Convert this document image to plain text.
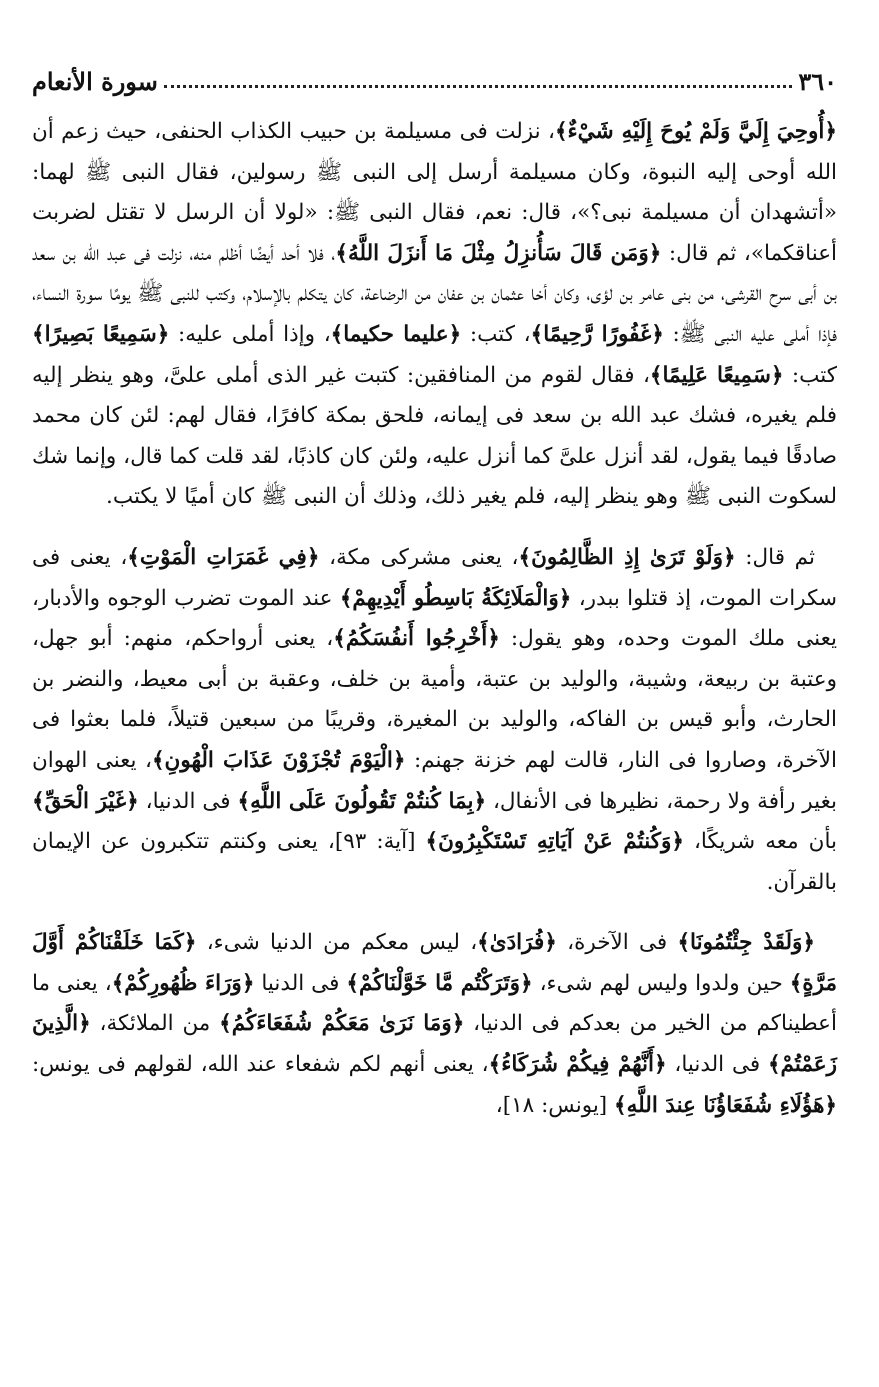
٣٦٠
سورة الأنعام

﴿أُوحِيَ إِلَيَّ وَلَمْ يُوحَ إِلَيْهِ شَيْءٌ﴾، نزلت فى مسيلمة بن حبيب الكذاب الحنفى، حيث زعم أن الله أوحى إليه النبوة، وكان مسيلمة أرسل إلى النبى ﷺ رسولين، فقال النبى ﷺ لهما: «أتشهدان أن مسيلمة نبى؟»، قال: نعم، فقال النبى ﷺ: «لولا أن الرسل لا تقتل لضربت أعناقكما»، ثم قال: ﴿وَمَن قَالَ سَأُنزِلُ مِثْلَ مَا أَنزَلَ اللَّهُ﴾، فلا أحد أيضًا أظلم منه، نزلت فى عبد الله بن سعد بن أبى سرح القرشى، من بنى عامر بن لؤى، وكان أخا عثمان بن عفان من الرضاعة، كان يتكلم بالإسلام، وكتب للنبى ﷺ يومًا سورة النساء، فإذا أملى عليه النبى ﷺ: ﴿غَفُورًا رَّحِيمًا﴾، كتب: ﴿عليما حكيما﴾، وإذا أملى عليه: ﴿سَمِيعًا بَصِيرًا﴾ كتب: ﴿سَمِيعًا عَلِيمًا﴾، فقال لقوم من المنافقين: كتبت غير الذى أملى علىَّ، وهو ينظر إليه فلم يغيره، فشك عبد الله بن سعد فى إيمانه، فلحق بمكة كافرًا، فقال لهم: لئن كان محمد صادقًا فيما يقول، لقد أنزل علىَّ كما أنزل عليه، ولئن كان كاذبًا، لقد قلت كما قال، وإنما شك لسكوت النبى ﷺ وهو ينظر إليه، فلم يغير ذلك، وذلك أن النبى ﷺ كان أميًا لا يكتب.

ثم قال: ﴿وَلَوْ تَرَىٰ إِذِ الظَّالِمُونَ﴾، يعنى مشركى مكة، ﴿فِي غَمَرَاتِ الْمَوْتِ﴾، يعنى فى سكرات الموت، إذ قتلوا ببدر، ﴿وَالْمَلَائِكَةُ بَاسِطُو أَيْدِيهِمْ﴾ عند الموت تضرب الوجوه والأدبار، يعنى ملك الموت وحده، وهو يقول: ﴿أَخْرِجُوا أَنفُسَكُمُ﴾، يعنى أرواحكم، منهم: أبو جهل، وعتبة بن ربيعة، وشيبة، والوليد بن عتبة، وأمية بن خلف، وعقبة بن أبى معيط، والنضر بن الحارث، وأبو قيس بن الفاكه، والوليد بن المغيرة، وقريبًا من سبعين قتيلاً، فلما بعثوا فى الآخرة، وصاروا فى النار، قالت لهم خزنة جهنم: ﴿الْيَوْمَ تُجْزَوْنَ عَذَابَ الْهُونِ﴾، يعنى الهوان بغير رأفة ولا رحمة، نظيرها فى الأنفال، ﴿بِمَا كُنتُمْ تَقُولُونَ عَلَى اللَّهِ﴾ فى الدنيا، ﴿غَيْرَ الْحَقِّ﴾ بأن معه شريكًا، ﴿وَكُنتُمْ عَنْ آيَاتِهِ تَسْتَكْبِرُونَ﴾ [آية: ٩٣]، يعنى وكنتم تتكبرون عن الإيمان بالقرآن.

﴿وَلَقَدْ جِئْتُمُونَا﴾ فى الآخرة، ﴿فُرَادَىٰ﴾، ليس معكم من الدنيا شىء، ﴿كَمَا خَلَقْنَاكُمْ أَوَّلَ مَرَّةٍ﴾ حين ولدوا وليس لهم شىء، ﴿وَتَرَكْتُم مَّا خَوَّلْنَاكُمْ﴾ فى الدنيا ﴿وَرَاءَ ظُهُورِكُمْ﴾، يعنى ما أعطيناكم من الخير من بعدكم فى الدنيا، ﴿وَمَا نَرَىٰ مَعَكُمْ شُفَعَاءَكُمُ﴾ من الملائكة، ﴿الَّذِينَ زَعَمْتُمْ﴾ فى الدنيا، ﴿أَنَّهُمْ فِيكُمْ شُرَكَاءُ﴾، يعنى أنهم لكم شفعاء عند الله، لقولهم فى يونس: ﴿هَؤُلَاءِ شُفَعَاؤُنَا عِندَ اللَّهِ﴾ [يونس: ١٨]،
